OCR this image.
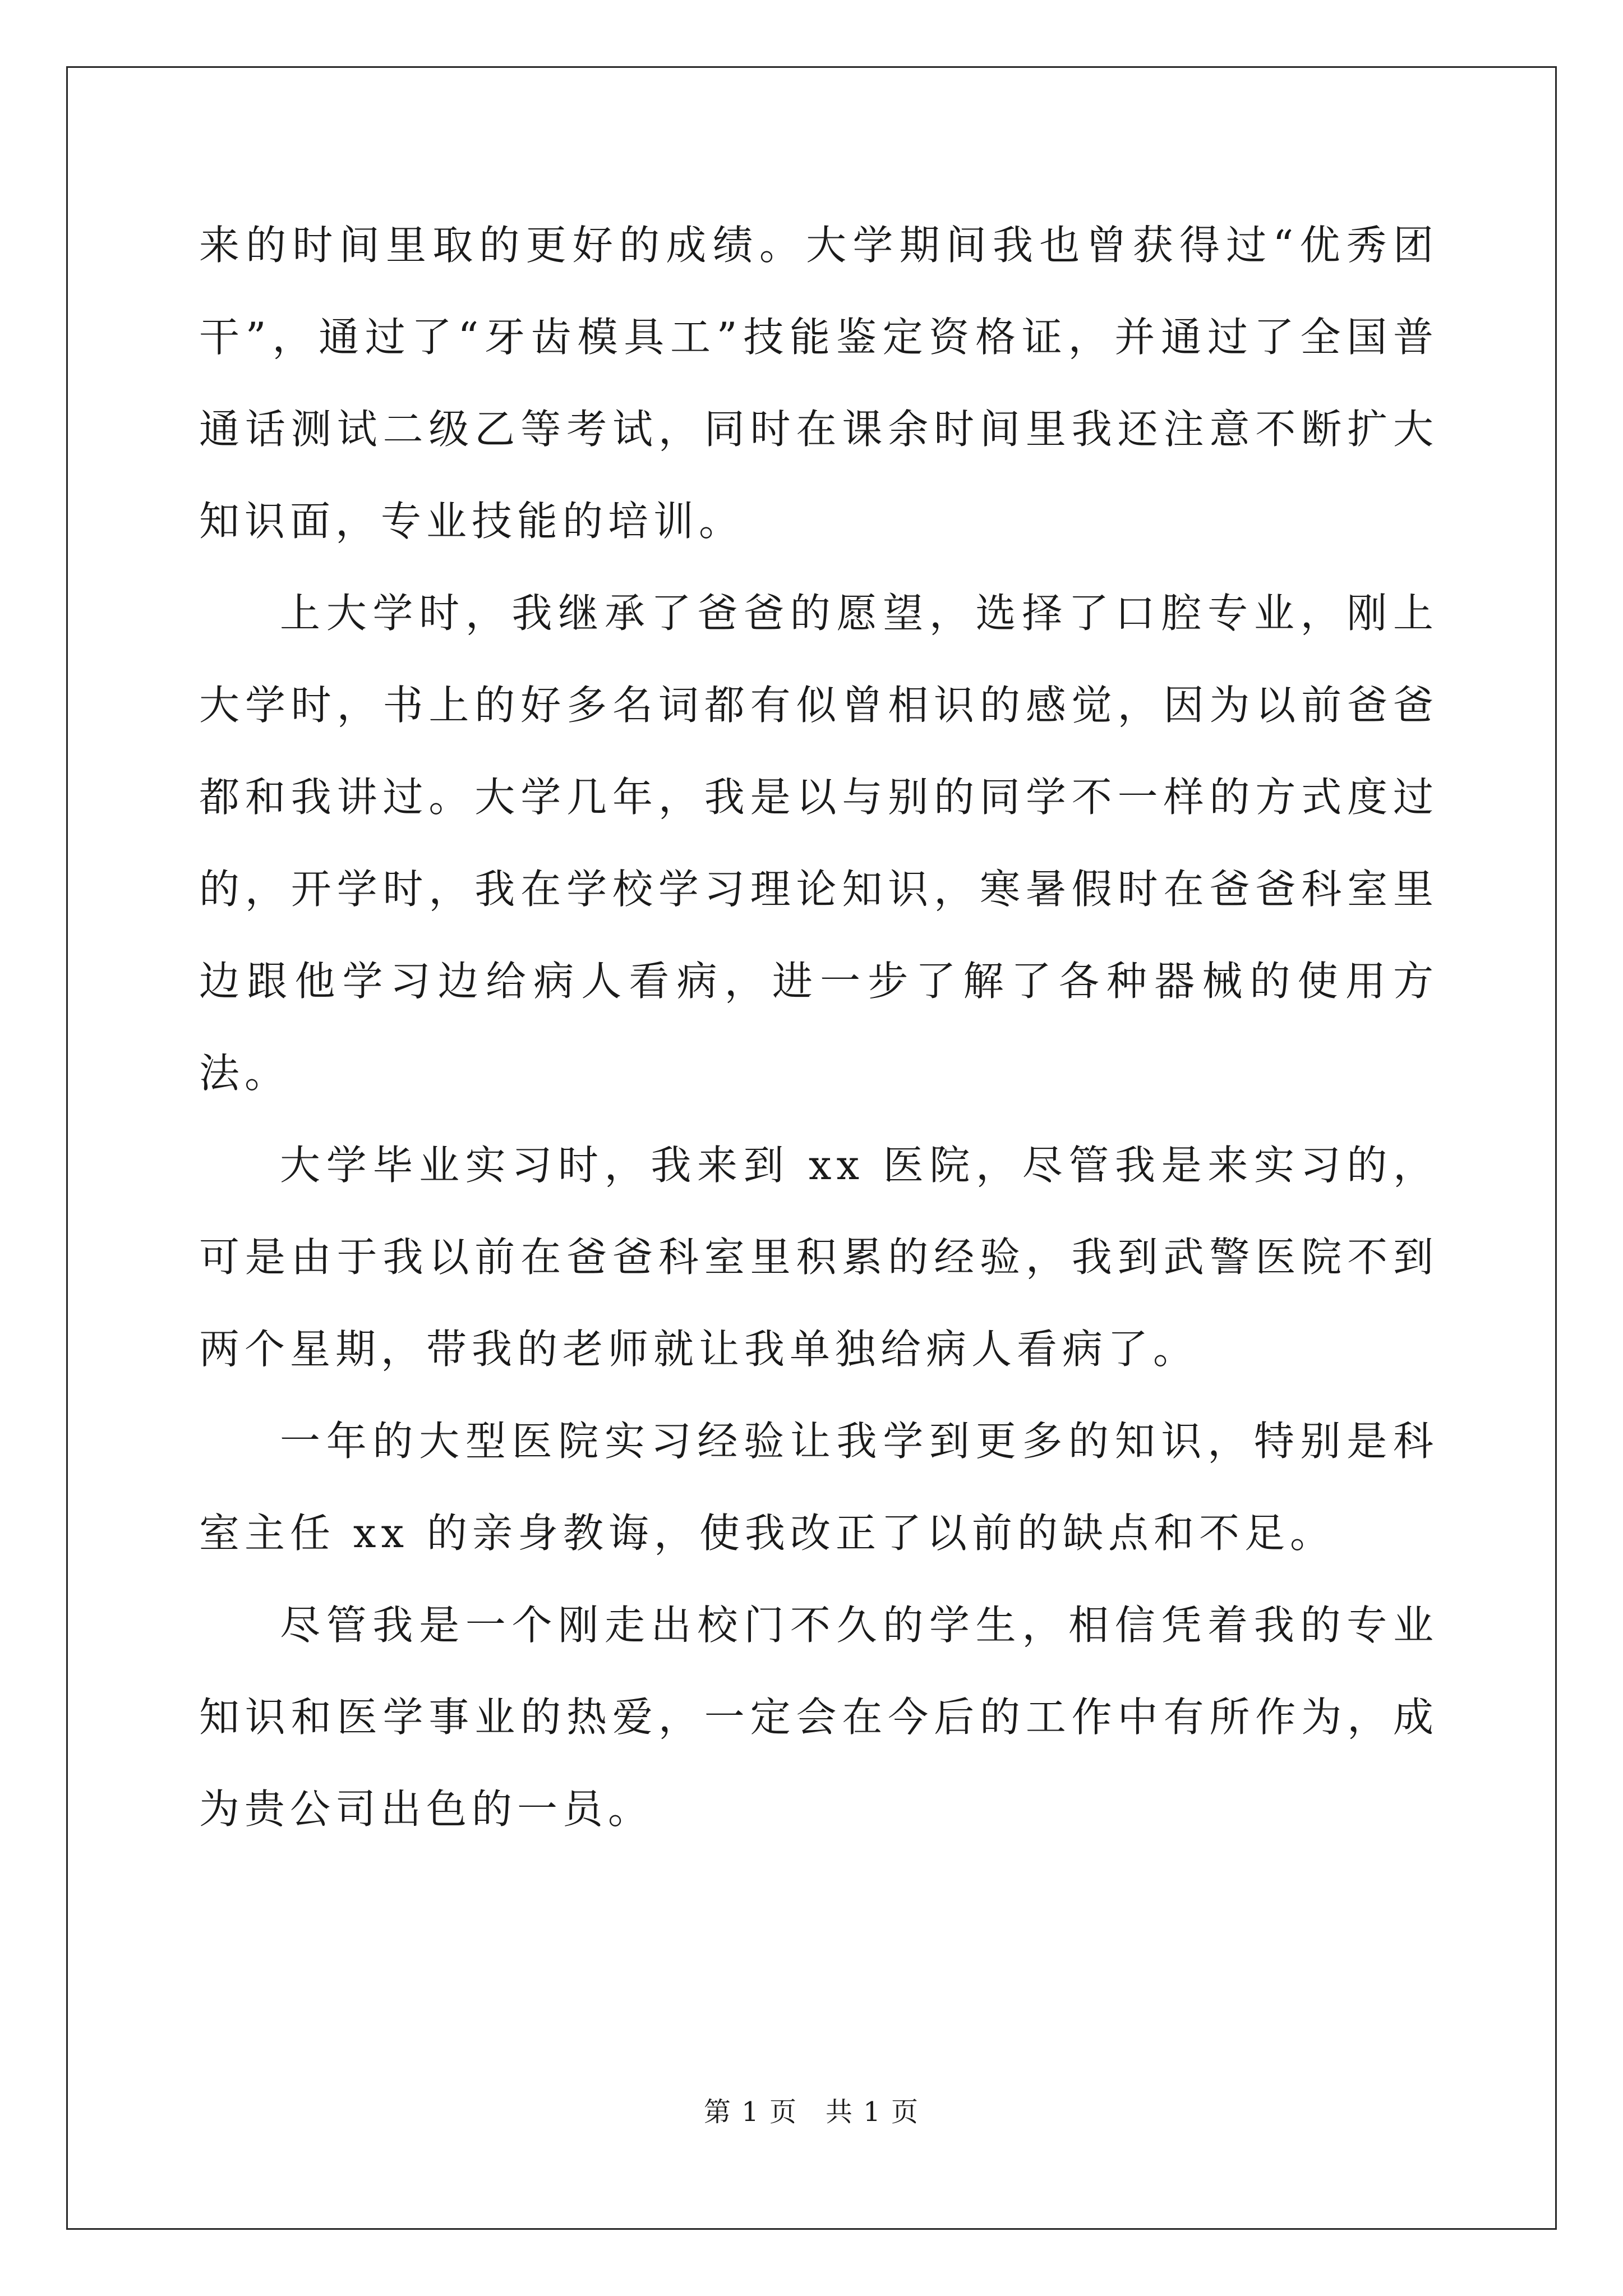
来的时间里取的更好的成绩。大学期间我也曾获得过“优秀团干”，通过了“牙齿模具工”技能鉴定资格证，并通过了全国普通话测试二级乙等考试，同时在课余时间里我还注意不断扩大知识面，专业技能的培训。

上大学时，我继承了爸爸的愿望，选择了口腔专业，刚上大学时，书上的好多名词都有似曾相识的感觉，因为以前爸爸都和我讲过。大学几年，我是以与别的同学不一样的方式度过的，开学时，我在学校学习理论知识，寒暑假时在爸爸科室里边跟他学习边给病人看病，进一步了解了各种器械的使用方法。

大学毕业实习时，我来到 xx 医院，尽管我是来实习的，可是由于我以前在爸爸科室里积累的经验，我到武警医院不到两个星期，带我的老师就让我单独给病人看病了。

一年的大型医院实习经验让我学到更多的知识，特别是科室主任 xx 的亲身教诲，使我改正了以前的缺点和不足。

尽管我是一个刚走出校门不久的学生，相信凭着我的专业知识和医学事业的热爱，一定会在今后的工作中有所作为，成为贵公司出色的一员。

第 1 页　共 1 页
